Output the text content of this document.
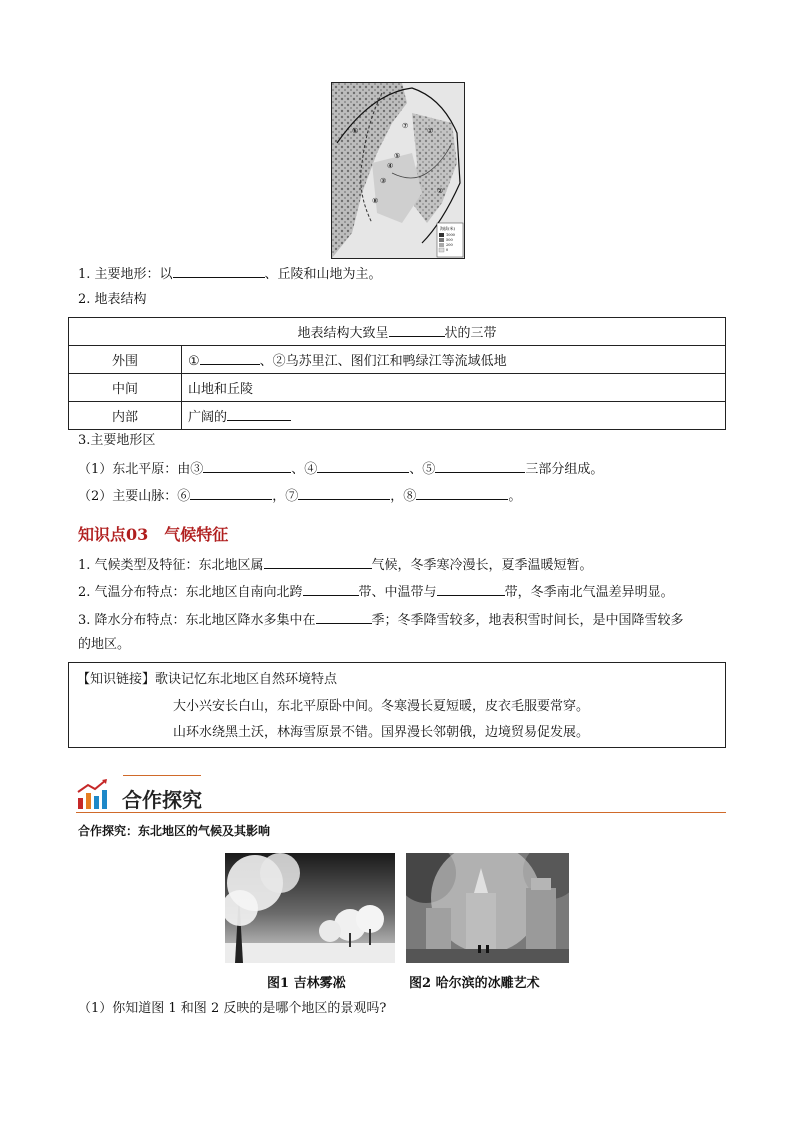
⑥
⑦
⑧
①
④
⑤
③
②
海拔(米)
1000
500
200
0
1. 主要地形：以	、丘陵和山地为主。
2. 地表结构
地表结构大致呈 状的三带	
外围	① 、②乌苏里江、图们江和鸭绿江等流域低地
中间	山地和丘陵
内部	广阔的
3.主要地形区
（1）东北平原：由③	、④	、⑤	三部分组成。
（2）主要山脉：⑥	，⑦	，⑧	。
知识点03 气候特征
1. 气候类型及特征：东北地区属	气候，冬季寒冷漫长，夏季温暖短暂。
2. 气温分布特点：东北地区自南向北跨	带、中温带与	带，冬季南北气温差异明显。
3. 降水分布特点：东北地区降水多集中在	季；冬季降雪较多，地表积雪时间长，是中国降雪较多
的地区。
【知识链接】歌诀记忆东北地区自然环境特点
大小兴安长白山，东北平原卧中间。冬寒漫长夏短暖，皮衣毛服要常穿。
山环水绕黑土沃，林海雪原景不错。国界漫长邻朝俄，边境贸易促发展。
合作探究
合作探究：东北地区的气候及其影响
图1 吉林雾凇	图2 哈尔滨的冰雕艺术
（1）你知道图 1 和图 2 反映的是哪个地区的景观吗?
